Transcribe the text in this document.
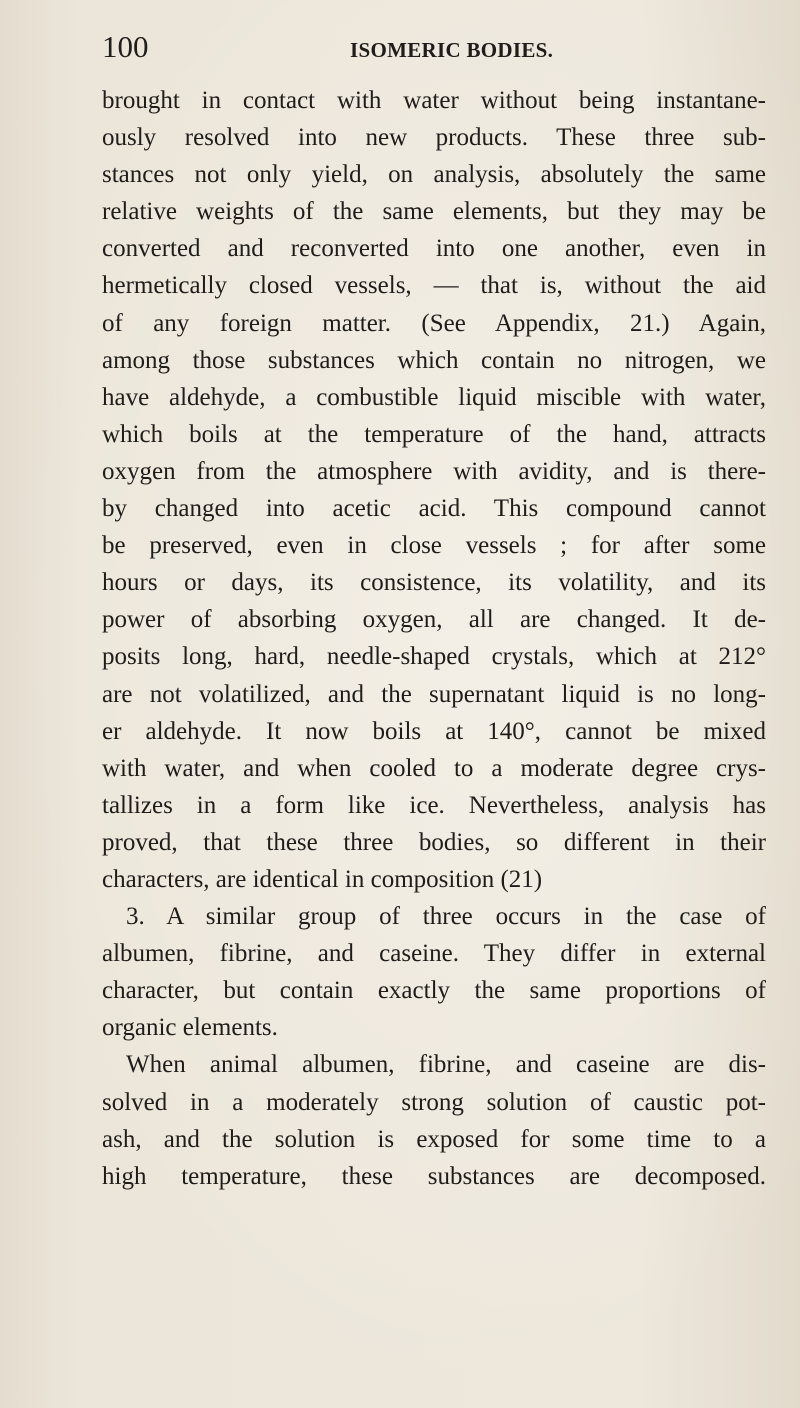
100	ISOMERIC BODIES.
brought in contact with water without being instantane-
ously resolved into new products. These three sub-
stances not only yield, on analysis, absolutely the same
relative weights of the same elements, but they may be
converted and reconverted into one another, even in
hermetically closed vessels, — that is, without the aid
of any foreign matter. (See Appendix, 21.) Again,
among those substances which contain no nitrogen, we
have aldehyde, a combustible liquid miscible with water,
which boils at the temperature of the hand, attracts
oxygen from the atmosphere with avidity, and is there-
by changed into acetic acid. This compound cannot
be preserved, even in close vessels ; for after some
hours or days, its consistence, its volatility, and its
power of absorbing oxygen, all are changed. It de-
posits long, hard, needle-shaped crystals, which at 212°
are not volatilized, and the supernatant liquid is no long-
er aldehyde. It now boils at 140°, cannot be mixed
with water, and when cooled to a moderate degree crys-
tallizes in a form like ice. Nevertheless, analysis has
proved, that these three bodies, so different in their
characters, are identical in composition (21)
3. A similar group of three occurs in the case of
albumen, fibrine, and caseine. They differ in external
character, but contain exactly the same proportions of
organic elements.
When animal albumen, fibrine, and caseine are dis-
solved in a moderately strong solution of caustic pot-
ash, and the solution is exposed for some time to a
high temperature, these substances are decomposed.
